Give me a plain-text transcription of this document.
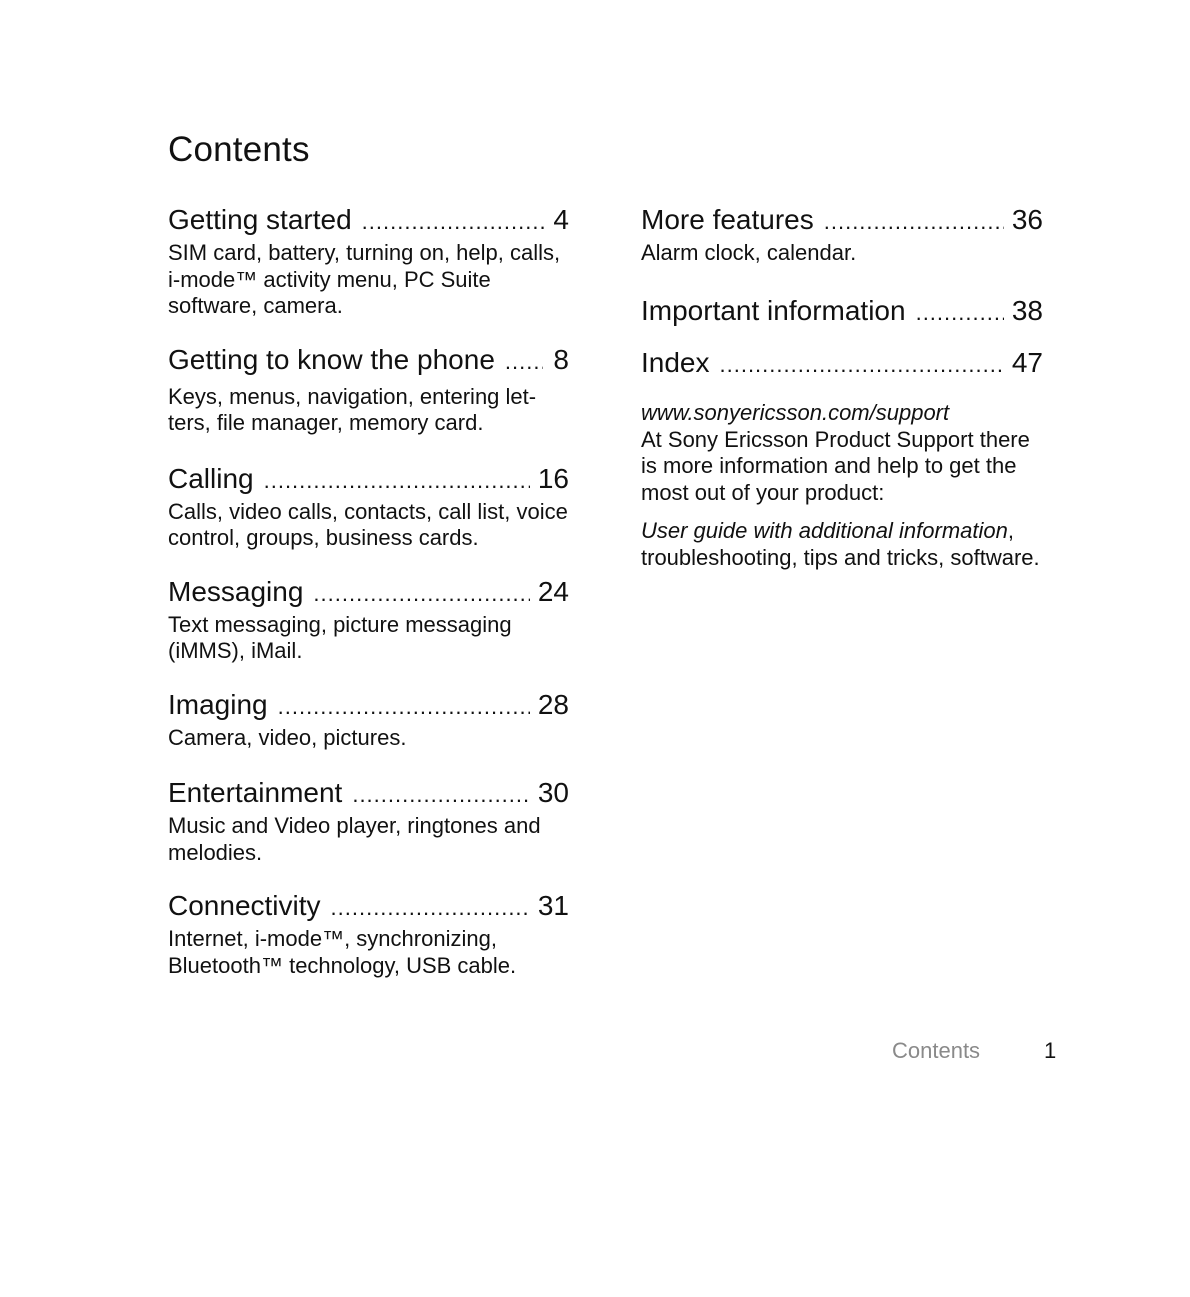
Contents
Getting started .....	4
SIM card, battery, turning on, help, calls, i-mode™ activity menu, PC Suite software, camera.
Getting to know the phone ..... 8
Keys, menus, navigation, entering let-ters, file manager, memory card.
Calling .....	16
Calls, video calls, contacts, call list, voice control, groups, business cards.
Messaging .....	24
Text messaging, picture messaging (iMMS), iMail.
Imaging .....	28
Camera, video, pictures.
Entertainment .....	30
Music and Video player, ringtones and melodies.
Connectivity .....	31
Internet, i-mode™, synchronizing, Bluetooth™ technology, USB cable.
More features .....	36
Alarm clock, calendar.
Important information .....	38
Index .....	47
www.sonyericsson.com/support
At Sony Ericsson Product Support there is more information and help to get the most out of your product:
User guide with additional information, troubleshooting, tips and tricks, software.
Contents	1
